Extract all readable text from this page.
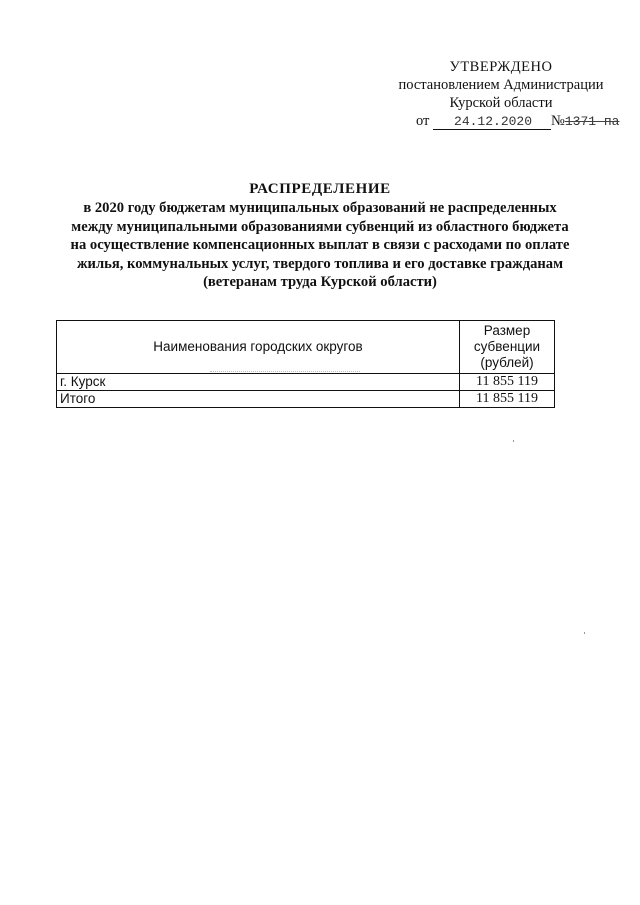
УТВЕРЖДЕНО
постановлением Администрации
Курской области
от 24.12.2020 №1371-па
РАСПРЕДЕЛЕНИЕ
в 2020 году бюджетам муниципальных образований не распределенных
между муниципальными образованиями субвенций из областного бюджета
на осуществление компенсационных выплат в связи с расходами по оплате
жилья, коммунальных услуг, твердого топлива и его доставке гражданам
(ветеранам труда Курской области)
Наименования городских округов	Размер
субвенции
(рублей)

г. Курск	11 855 119
Итого	11 855 119
